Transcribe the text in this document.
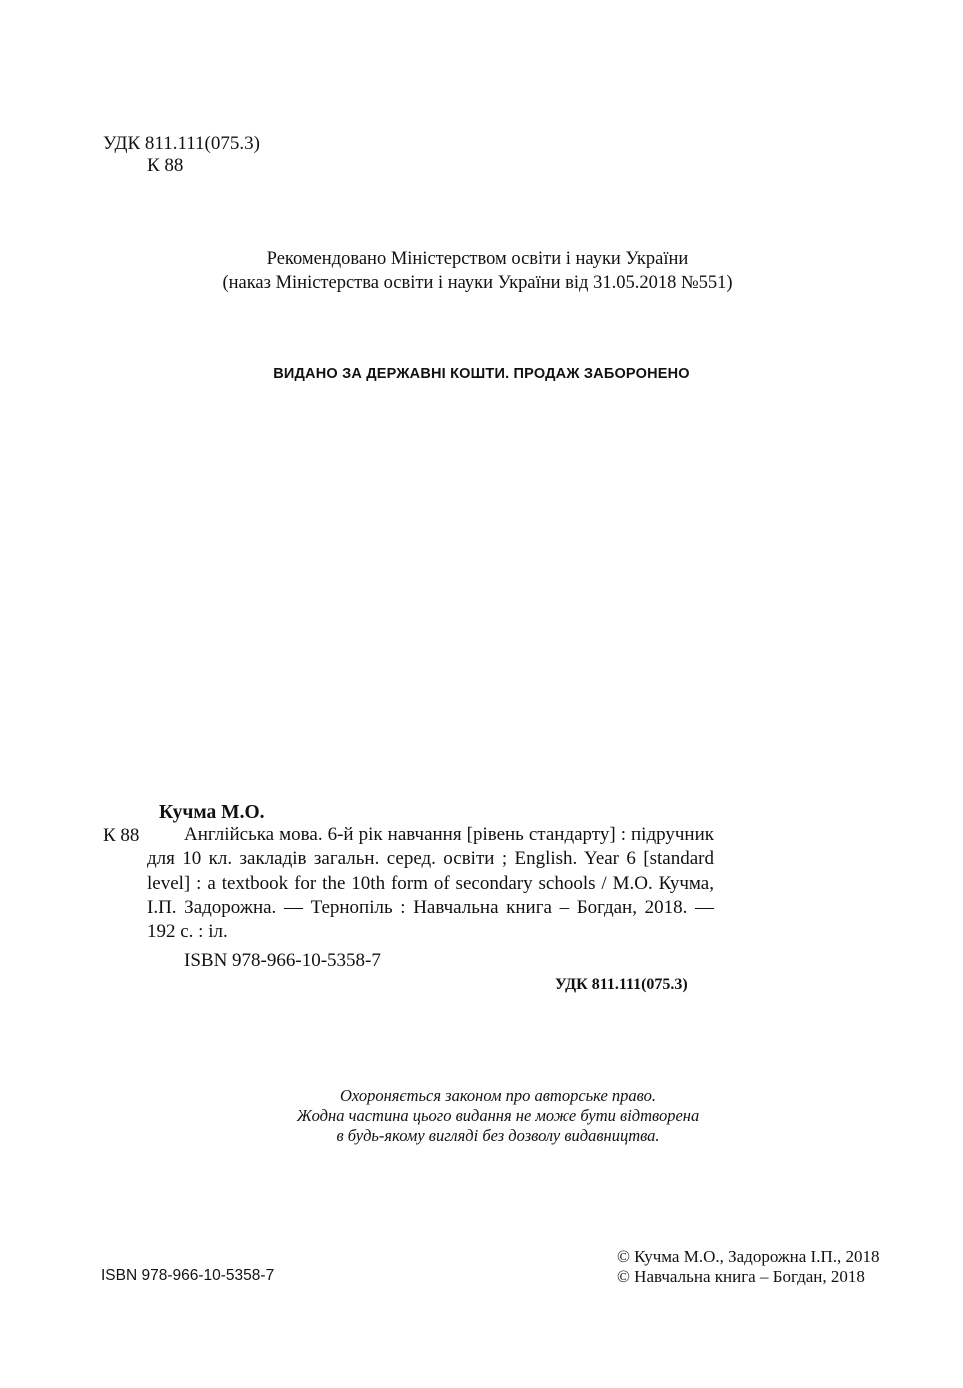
УДК 811.111(075.3)
К 88
Рекомендовано Міністерством освіти і науки України
(наказ Міністерства освіти і науки України від 31.05.2018 №551)
ВИДАНО ЗА ДЕРЖАВНІ КОШТИ. ПРОДАЖ ЗАБОРОНЕНО
Кучма М.О.
К 88	Англійська мова. 6-й рік навчання [рівень стандарту] : підручник для 10 кл. закладів загальн. серед. освіти ; English. Year 6 [standard level] : a textbook for the 10th form of secondary schools / М.О. Кучма, І.П. Задорожна. — Тернопіль : Навчальна книга – Богдан, 2018. — 192 с. : іл.
ISBN 978-966-10-5358-7
УДК 811.111(075.3)
Охороняється законом про авторське право.
Жодна частина цього видання не може бути відтворена
в будь-якому вигляді без дозволу видавництва.
ISBN 978-966-10-5358-7
© Кучма М.О., Задорожна І.П., 2018
© Навчальна книга – Богдан, 2018
